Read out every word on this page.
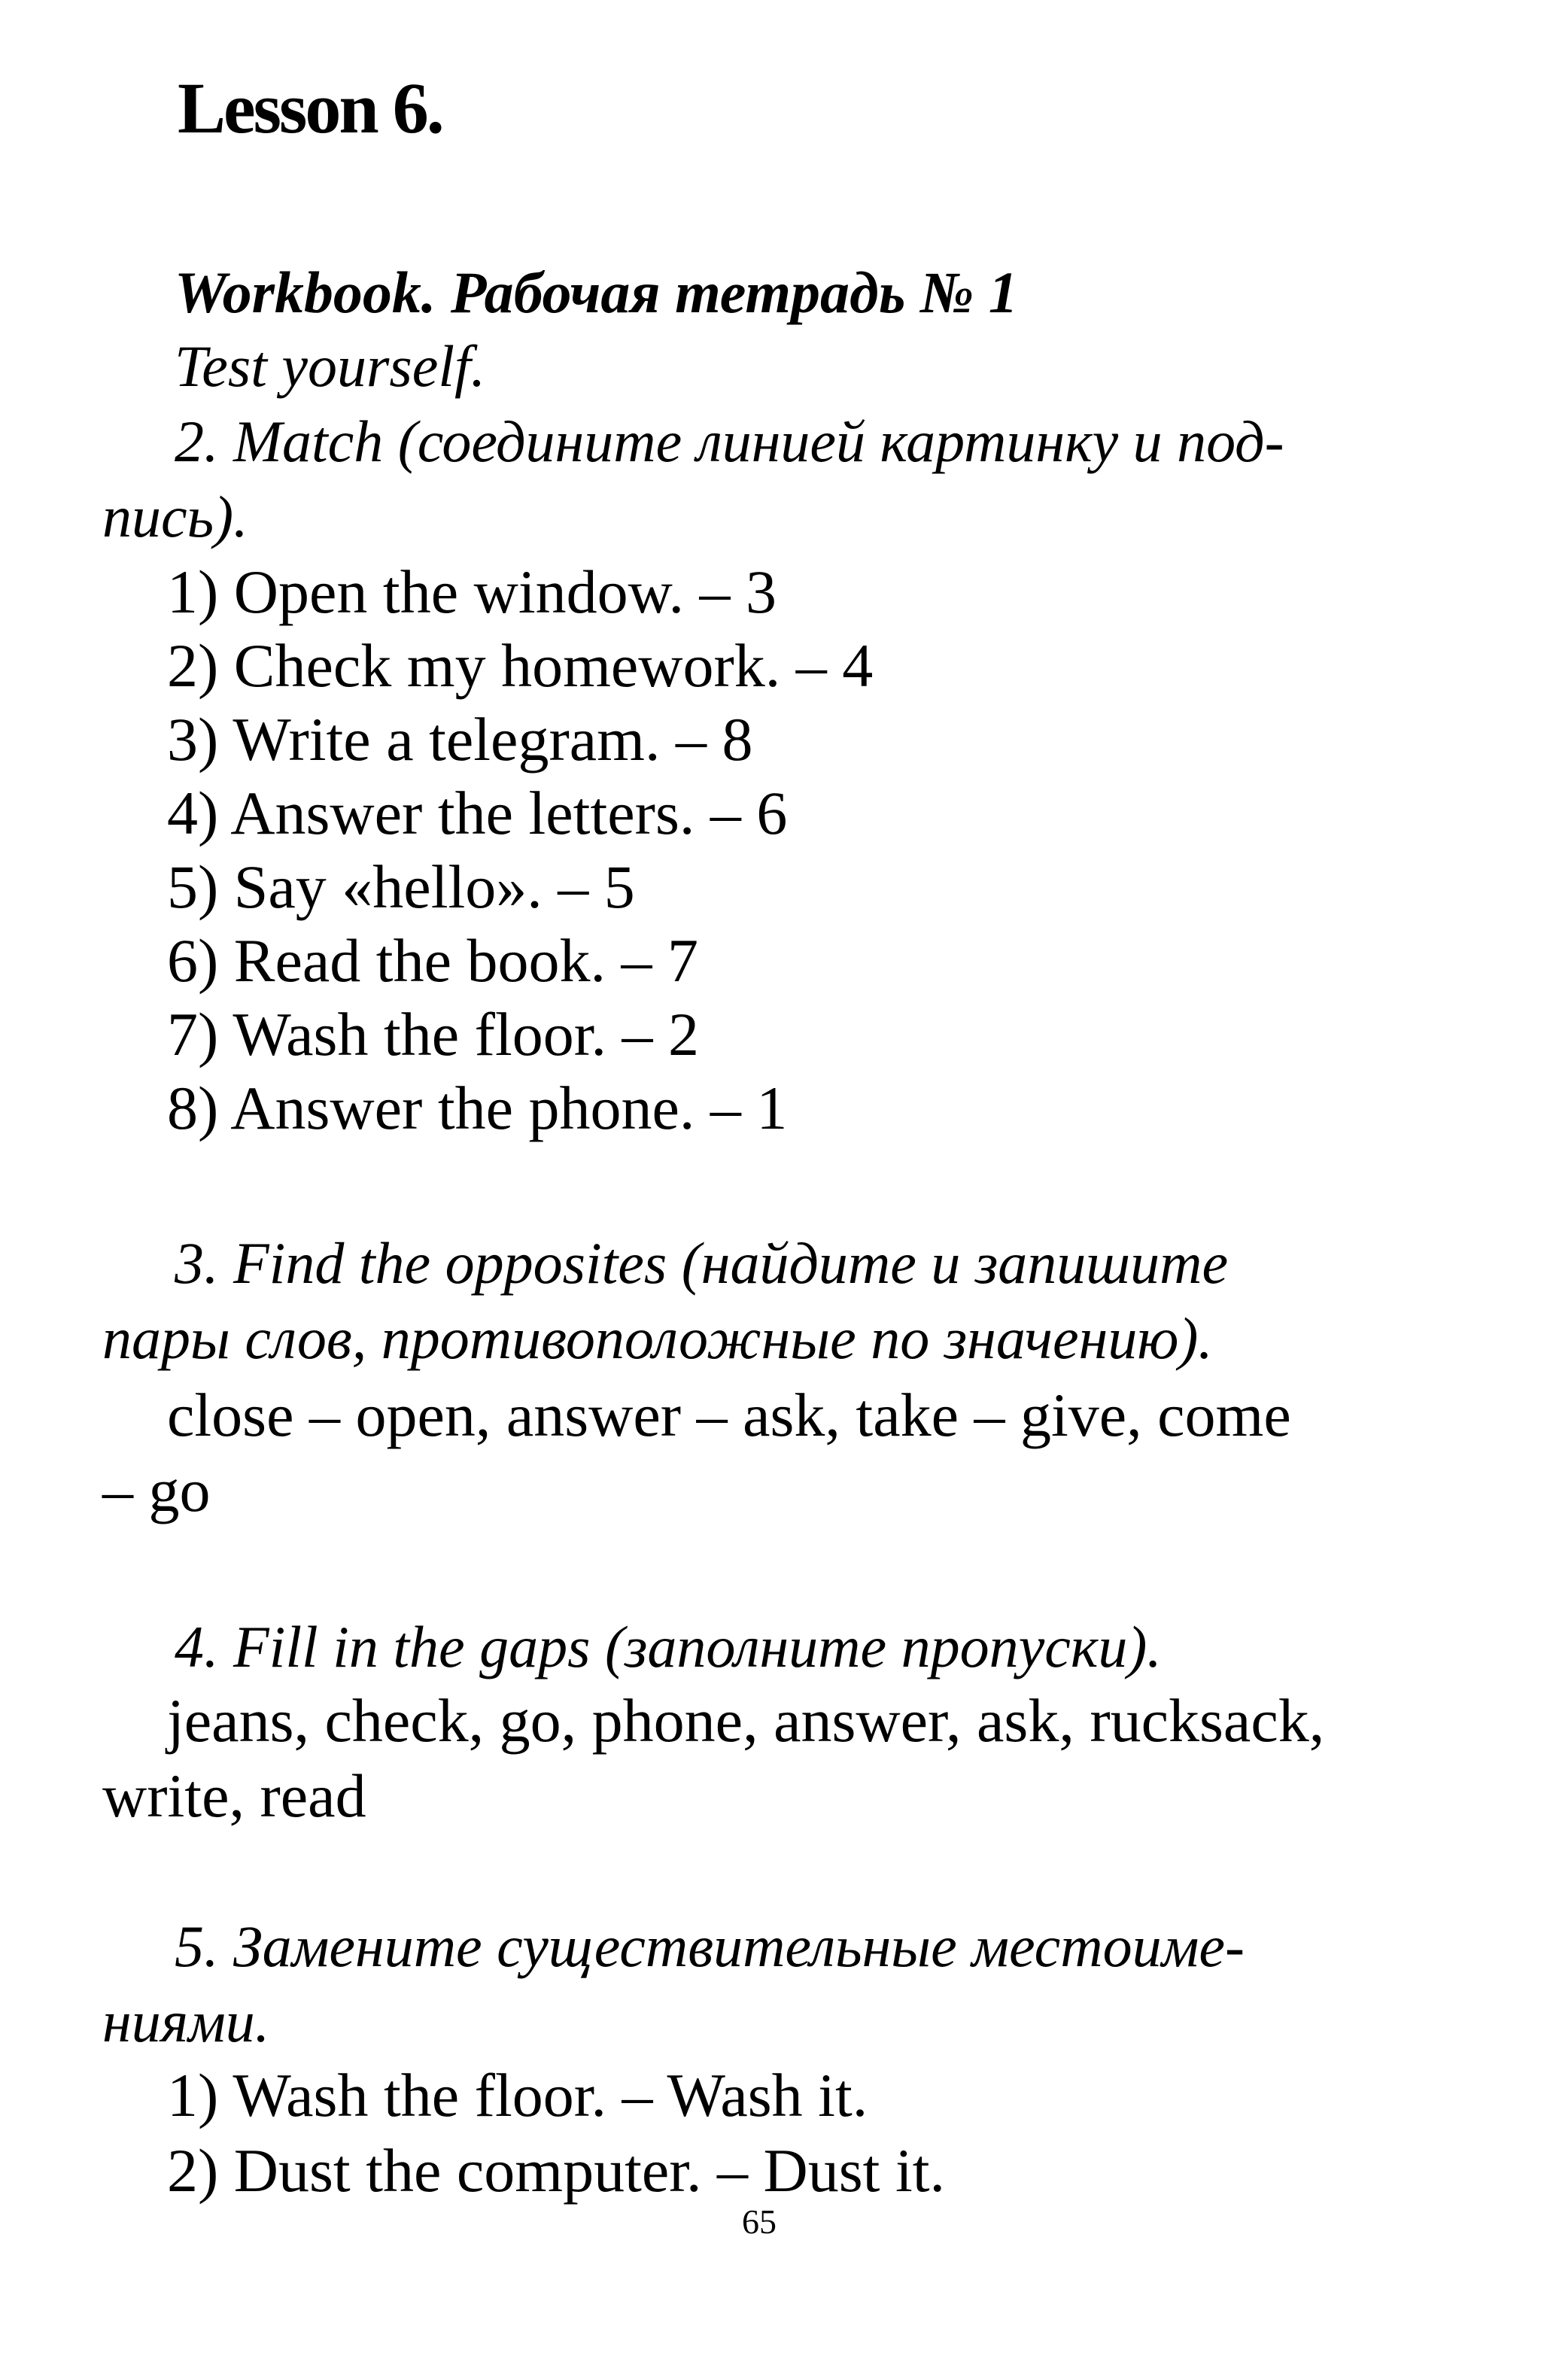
Lesson 6.
Workbook. Рабочая тетрадь № 1
Test yourself.
2. Match (соедините линией картинку и под-
пись).
1) Open the window. – 3
2) Check my homework. – 4
3) Write a telegram. – 8
4) Answer the letters. – 6
5) Say «hello». – 5
6) Read the book. – 7
7) Wash the floor. – 2
8) Answer the phone. – 1
3. Find the opposites (найдите и запишите
пары слов, противоположные по значению).
close – open, answer – ask, take – give, come
– go
4. Fill in the gaps (заполните пропуски).
jeans, check, go, phone, answer, ask, rucksack,
write, read
5. Замените существительные местоиме-
ниями.
1) Wash the floor. – Wash it.
2) Dust the computer. – Dust it.
65
